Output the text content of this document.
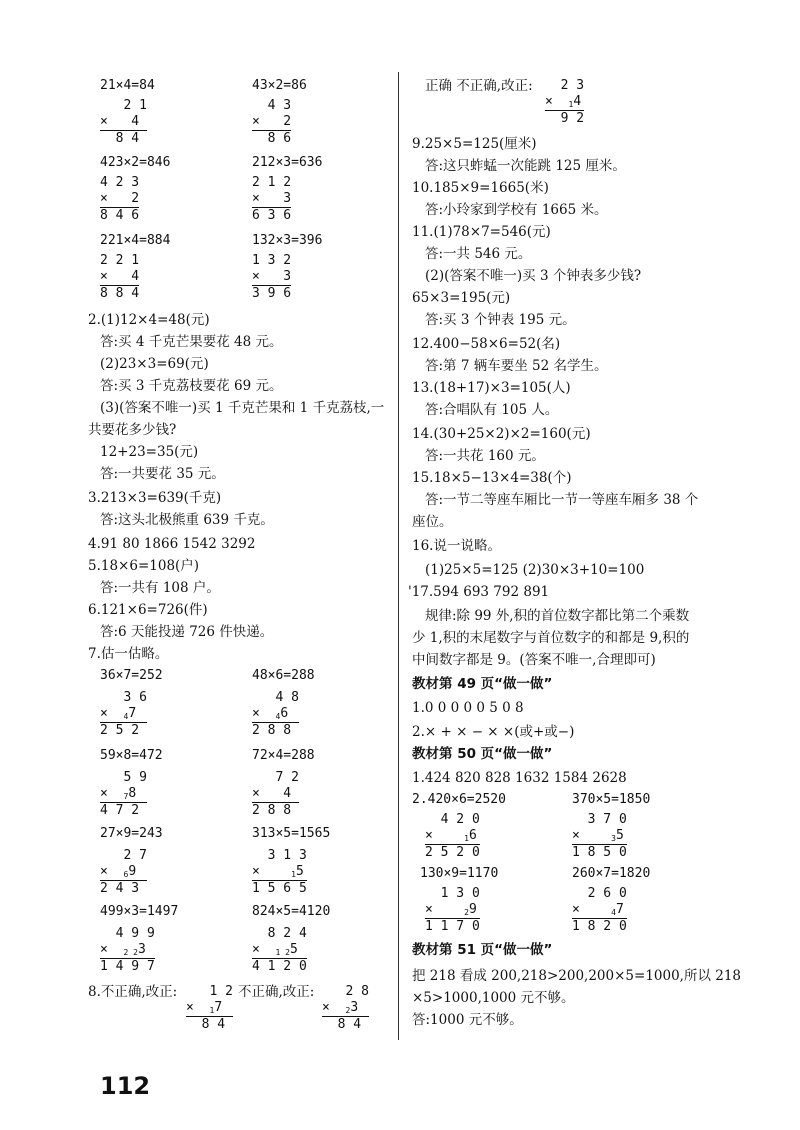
21×4=84	43×2=86
2 1
×   4
8 4
4 3
×   2
8 6
423×2=846	212×3=636
4 2 3
×   2
8 4 6
2 1 2
×   3
6 3 6
221×4=884	132×3=396
2 2 1
×   4
8 8 4
1 3 2
×   3
3 9 6
2.(1)12×4=48(元)
答:买 4 千克芒果要花 48 元。
(2)23×3=69(元)
答:买 3 千克荔枝要花 69 元。
(3)(答案不唯一)买 1 千克芒果和 1 千克荔枝,一
共要花多少钱?
12+23=35(元)
答:一共要花 35 元。
3.213×3=639(千克)
答:这头北极熊重 639 千克。
4.91 80 1866 1542 3292
5.18×6=108(户)
答:一共有 108 户。
6.121×6=726(件)
答:6 天能投递 726 件快递。
7.估一估略。
36×7=252	48×6=288
3 6
×  $_4$7
2 5 2
4 8
×  $_4$6
2 8 8
59×8=472	72×4=288
5 9
×  $_7$8
4 7 2
7 2
×   4
2 8 8
27×9=243	313×5=1565
2 7
×  $_6$9
2 4 3
3 1 3
×    $_1$5
1 5 6 5
499×3=1497	824×5=4120
4 9 9
×  $_{2 2}$3
1 4 9 7
8 2 4
×  $_{1 2}$5
4 1 2 0
8.不正确,改正: 1 2
×  $_1$7
8 4
不正确,改正: 2 8
×  $_2$3
8 4
正确 不正确,改正: 2 3
×  $_1$4
9 2
9.25×5=125(厘米)
答:这只蚱蜢一次能跳 125 厘米。
10.185×9=1665(米)
答:小玲家到学校有 1665 米。
11.(1)78×7=546(元)
答:一共 546 元。
(2)(答案不唯一)买 3 个钟表多少钱?
65×3=195(元)
答:买 3 个钟表 195 元。
12.400−58×6=52(名)
答:第 7 辆车要坐 52 名学生。
13.(18+17)×3=105(人)
答:合唱队有 105 人。
14.(30+25×2)×2=160(元)
答:一共花 160 元。
15.18×5−13×4=38(个)
答:一节二等座车厢比一节一等座车厢多 38 个
座位。
16.说一说略。
(1)25×5=125 (2)30×3+10=100
'17.594 693 792 891
规律:除 99 外,积的首位数字都比第二个乘数
少 1,积的末尾数字与首位数字的和都是 9,积的
中间数字都是 9。(答案不唯一,合理即可)
教材第 49 页“做一做”
1.0 0 0 0 0 5 0 8
2.× + × − × ×(或+或−)
教材第 50 页“做一做”
1.424 820 828 1632 1584 2628
2.420×6=2520	370×5=1850
4 2 0
×    $_1$6
2 5 2 0
3 7 0
×    $_3$5
1 8 5 0
130×9=1170	260×7=1820
1 3 0
×    $_2$9
1 1 7 0
2 6 0
×    $_4$7
1 8 2 0
教材第 51 页“做一做”
把 218 看成 200,218>200,200×5=1000,所以 218
×5>1000,1000 元不够。
答:1000 元不够。
112
